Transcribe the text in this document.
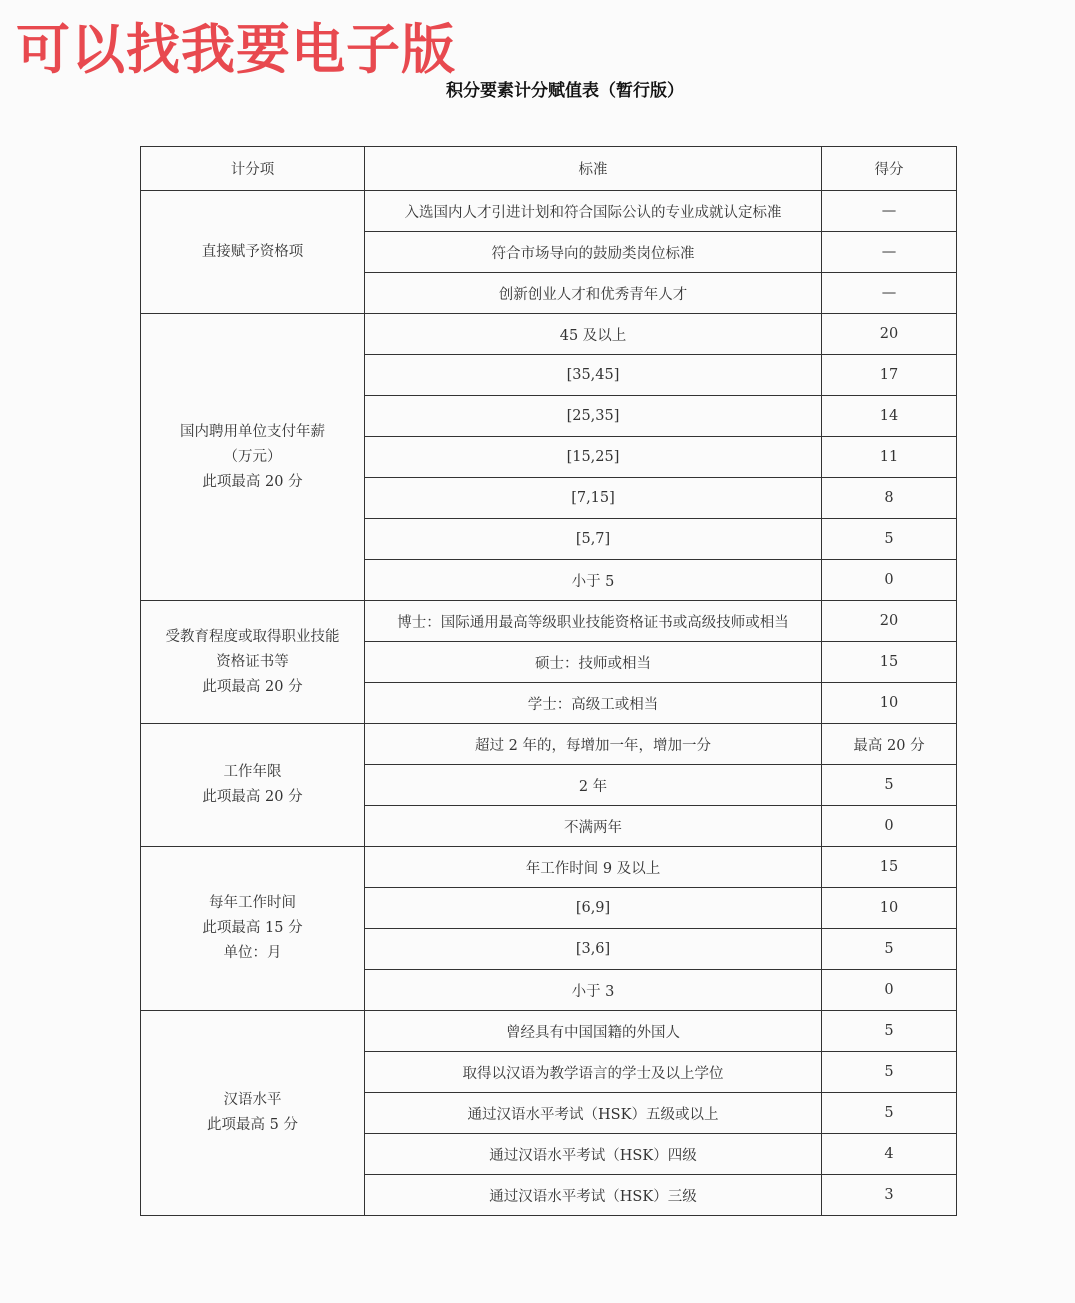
可以找我要电子版
积分要素计分赋值表（暂行版）
计分项	标准	得分

直接赋予资格项	入选国内人才引进计划和符合国际公认的专业成就认定标准	—
	符合市场导向的鼓励类岗位标准	—
	创新创业人才和优秀青年人才	—

国内聘用单位支付年薪
（万元）
此项最高 20 分	45 及以上	20
	[35,45]	17
	[25,35]	14
	[15,25]	11
	[7,15]	8
	[5,7]	5
	小于 5	0

受教育程度或取得职业技能
资格证书等
此项最高 20 分	博士：国际通用最高等级职业技能资格证书或高级技师或相当	20
	硕士：技师或相当	15
	学士：高级工或相当	10

工作年限
此项最高 20 分	超过 2 年的，每增加一年，增加一分	最高 20 分
	2 年	5
	不满两年	0

每年工作时间
此项最高 15 分
单位：月	年工作时间 9 及以上	15
	[6,9]	10
	[3,6]	5
	小于 3	0

汉语水平
此项最高 5 分	曾经具有中国国籍的外国人	5
	取得以汉语为教学语言的学士及以上学位	5
	通过汉语水平考试（HSK）五级或以上	5
	通过汉语水平考试（HSK）四级	4
	通过汉语水平考试（HSK）三级	3
